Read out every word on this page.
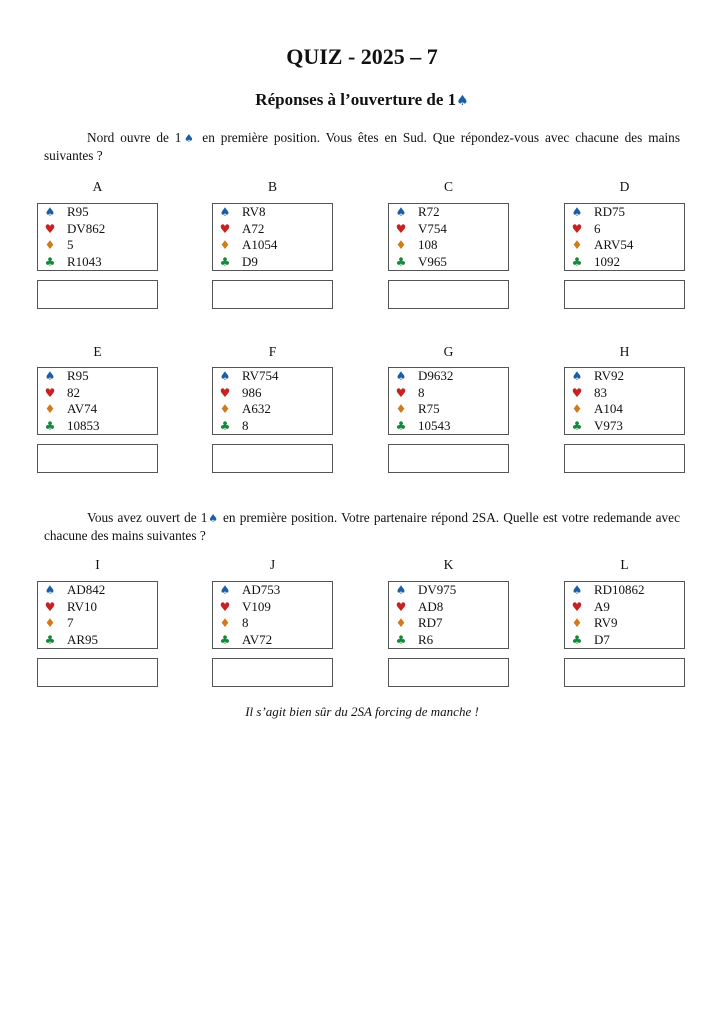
QUIZ - 2025 – 7
Réponses à l’ouverture de 1♠
Nord ouvre de 1♠ en première position. Vous êtes en Sud. Que répondez-vous avec chacune des mains suivantes ?
Vous avez ouvert de 1♠ en première position. Votre partenaire répond 2SA. Quelle est votre redemande avec chacune des mains suivantes ?
A
♠ R95
♥ DV862
♦ 5
♣ R1043
B
♠ RV8
♥ A72
♦ A1054
♣ D9
C
♠ R72
♥ V754
♦ 108
♣ V965
D
♠ RD75
♥ 6
♦ ARV54
♣ 1092
E
♠ R95
♥ 82
♦ AV74
♣ 10853
F
♠ RV754
♥ 986
♦ A632
♣ 8
G
♠ D9632
♥ 8
♦ R75
♣ 10543
H
♠ RV92
♥ 83
♦ A104
♣ V973
I
♠ AD842
♥ RV10
♦ 7
♣ AR95
J
♠ AD753
♥ V109
♦ 8
♣ AV72
K
♠ DV975
♥ AD8
♦ RD7
♣ R6
L
♠ RD10862
♥ A9
♦ RV9
♣ D7
Il s’agit bien sûr du 2SA forcing de manche !
